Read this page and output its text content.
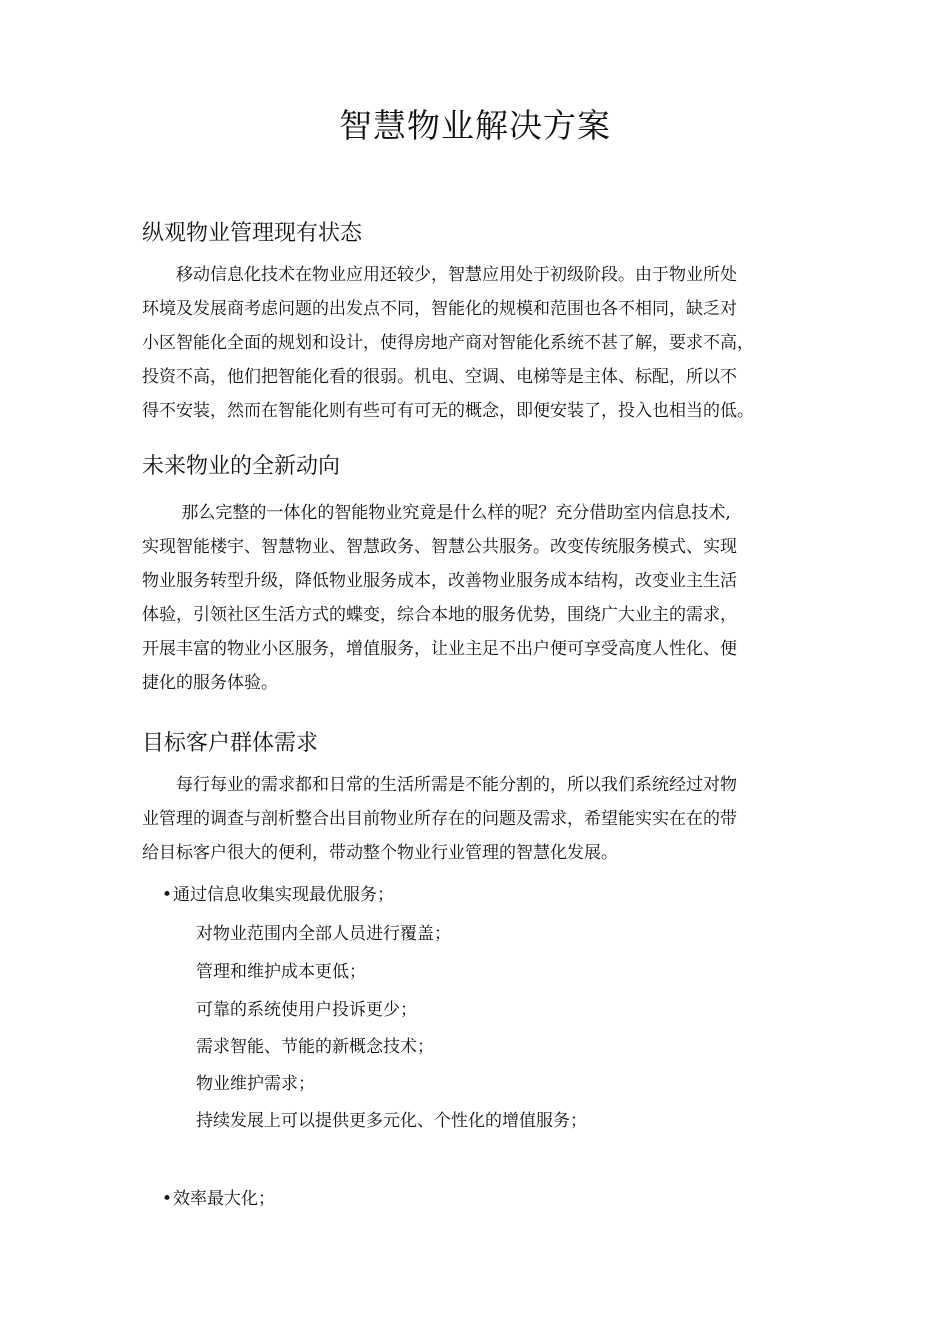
智慧物业解决方案
纵观物业管理现有状态

　　移动信息化技术在物业应用还较少，智慧应用处于初级阶段。由于物业所处
环境及发展商考虑问题的出发点不同，智能化的规模和范围也各不相同，缺乏对
小区智能化全面的规划和设计，使得房地产商对智能化系统不甚了解，要求不高，
投资不高，他们把智能化看的很弱。机电、空调、电梯等是主体、标配，所以不
得不安装，然而在智能化则有些可有可无的概念，即便安装了，投入也相当的低。

未来物业的全新动向

　　 那么完整的一体化的智能物业究竟是什么样的呢？充分借助室内信息技术,
实现智能楼宇、智慧物业、智慧政务、智慧公共服务。改变传统服务模式、实现
物业服务转型升级，降低物业服务成本，改善物业服务成本结构，改变业主生活
体验，引领社区生活方式的蝶变，综合本地的服务优势，围绕广大业主的需求，
开展丰富的物业小区服务，增值服务，让业主足不出户便可享受高度人性化、便
捷化的服务体验。

目标客户群体需求

　　每行每业的需求都和日常的生活所需是不能分割的，所以我们系统经过对物
业管理的调查与剖析整合出目前物业所存在的问题及需求，希望能实实在在的带
给目标客户很大的便利，带动整个物业行业管理的智慧化发展。

•通过信息收集实现最优服务；

对物业范围内全部人员进行覆盖；

管理和维护成本更低；

可靠的系统使用户投诉更少；

需求智能、节能的新概念技术；

物业维护需求；

持续发展上可以提供更多元化、个性化的增值服务；

•效率最大化；
